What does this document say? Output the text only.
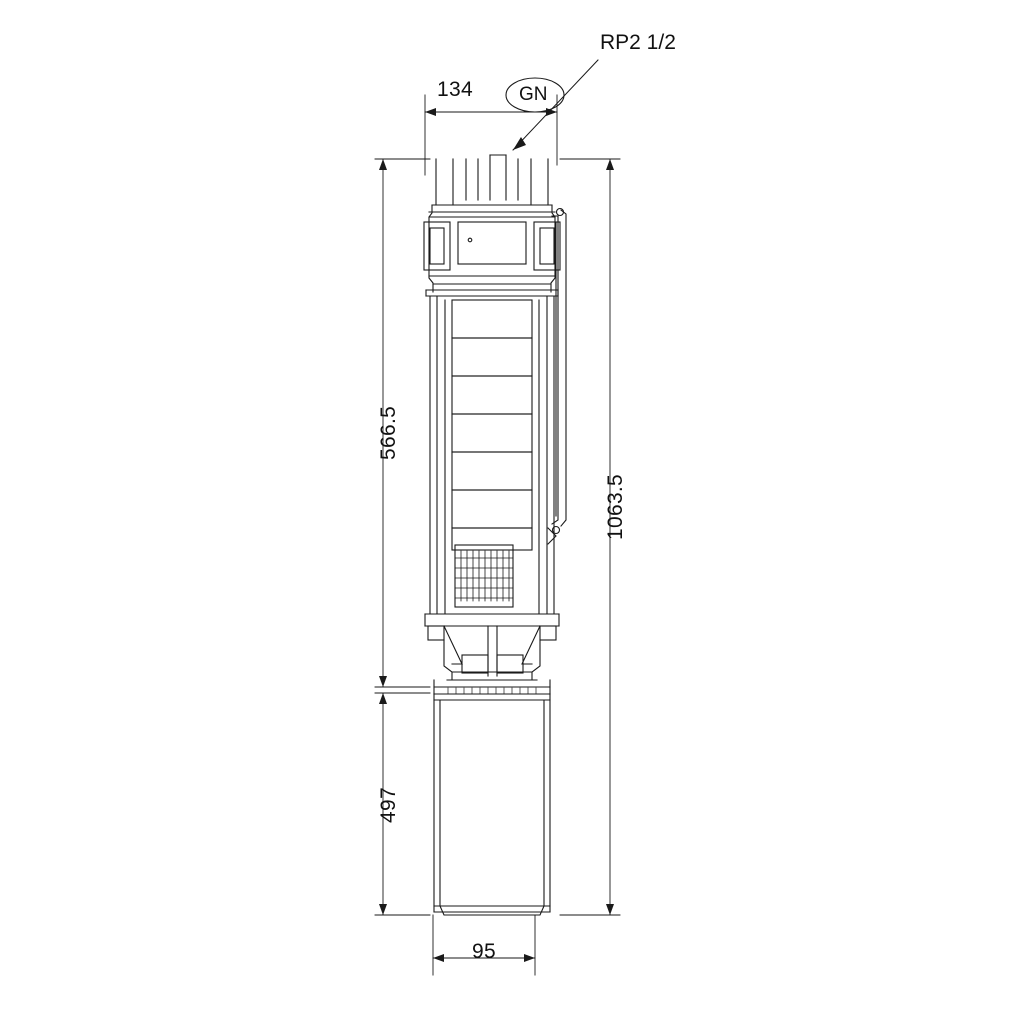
134 GN
RP2 1/2
566.5
497
1063.5
95
